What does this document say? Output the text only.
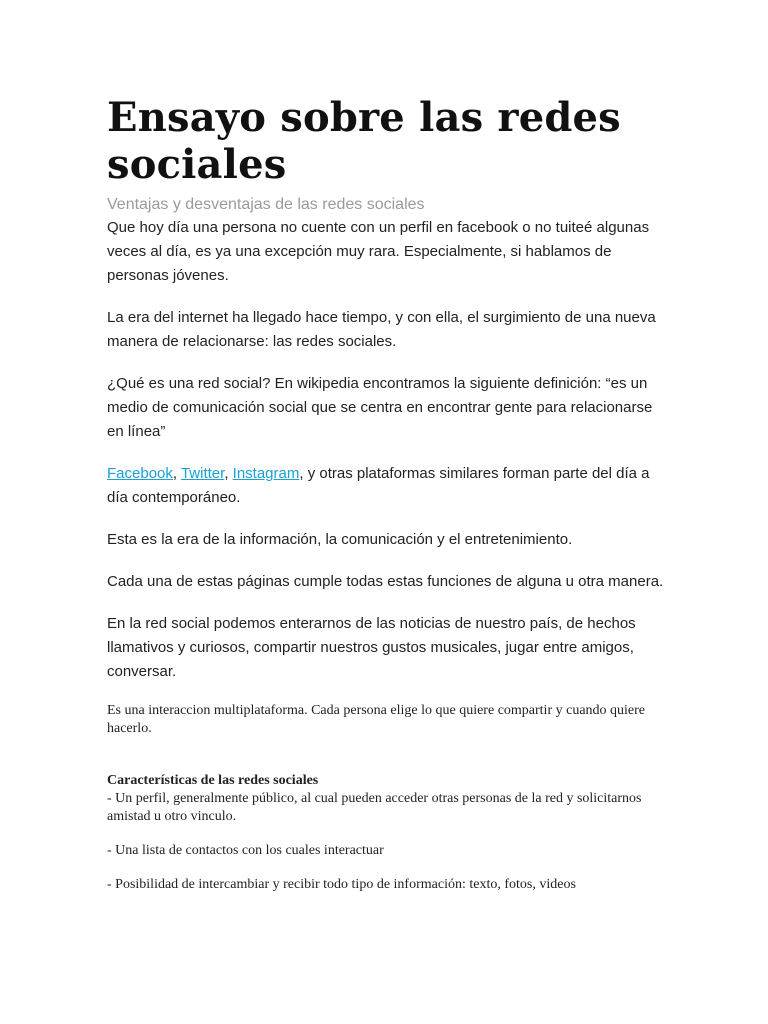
Ensayo sobre las redes sociales

Ventajas y desventajas de las redes sociales

Que hoy día una persona no cuente con un perfil en facebook o no tuiteé algunas veces al día, es ya una excepción muy rara. Especialmente, si hablamos de personas jóvenes.

La era del internet ha llegado hace tiempo, y con ella, el surgimiento de una nueva manera de relacionarse: las redes sociales.

¿Qué es una red social? En wikipedia encontramos la siguiente definición: “es un medio de comunicación social que se centra en encontrar gente para relacionarse en línea”

Facebook, Twitter, Instagram, y otras plataformas similares forman parte del día a día contemporáneo.

Esta es la era de la información, la comunicación y el entretenimiento.

Cada una de estas páginas cumple todas estas funciones de alguna u otra manera.

En la red social podemos enterarnos de las noticias de nuestro país, de hechos llamativos y curiosos, compartir nuestros gustos musicales, jugar entre amigos, conversar.

Es una interaccion multiplataforma. Cada persona elige lo que quiere compartir y cuando quiere hacerlo.

Características de las redes sociales

- Un perfil, generalmente público, al cual pueden acceder otras personas de la red y solicitarnos amistad u otro vinculo.

- Una lista de contactos con los cuales interactuar

- Posibilidad de intercambiar y recibir todo tipo de información: texto, fotos, videos
